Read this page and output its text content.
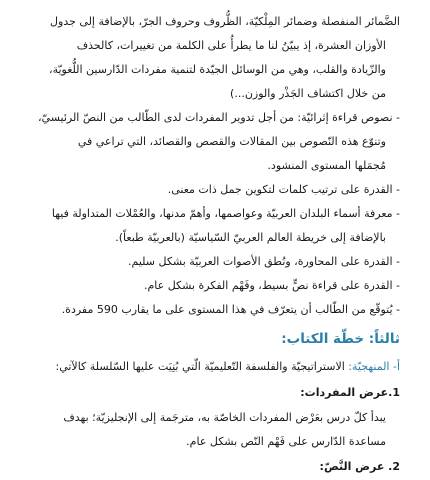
الضَّمائر المنفصلة وضمائر المِلْكيّة، الظُّروف وحروف الجرّ، بالإضافة إلى جدول
الأوزان العشرة، إذ يبيّنُ لنا ما يطرأُ على الكلمة من تغييرات، كالحذف
والزّيادة والقلب، وهي من الوسائل الجيّدة لتنمية مفردات الدّارسين اللُّغويّة،
من خلال اكتشاف الجَذْر والوزن...)
- نصوص قراءة إثرائيّة: من أجل تدوير المفردات لدى الطّالب من النصّ الرئيسيّ،
وتنوّع هذه النّصوص بين المقالات والقصص والقصائد، التي تراعي في
مُجمَلها المستوى المنشود.
- القدرة على ترتيب كلمات لتكوين جمل ذات معنى.
- معرفة أسماء البلدان العربيّة وعواصمها، وأهمّ مدنها، والعُمْلات المتداولة فيها
بالإضافة إلى خريطة العالم العربيّ السّياسيّة (بالعربيّة طبعاً).
- القدرة على المحاورة، ونُطق الأصوات العربيّة بشكل سليم.
- القدرة على قراءة نصٍّ بسيط، وفَهْم الفكرة بشكل عام.
- يُتوقّع من الطّالب أن يتعرّف في هذا المستوى على ما يقارب 590 مفردة.
ثالثاً: خطّة الكتاب:
أ- المنهجيّة: الاستراتيجيّة والفلسفة التّعليميّة الّتي بُنِيَت عليها السّلسلة كالآتي:
1.عرض المفردات:
يبدأ كلّ درس بعَرْض المفردات الخاصّة به، مترجَمة إلى الإنجليزيّة؛ بهدف
مساعدة الدّارس على فَهْم النّص بشكل عام.
2. عرض النَّصّ:
